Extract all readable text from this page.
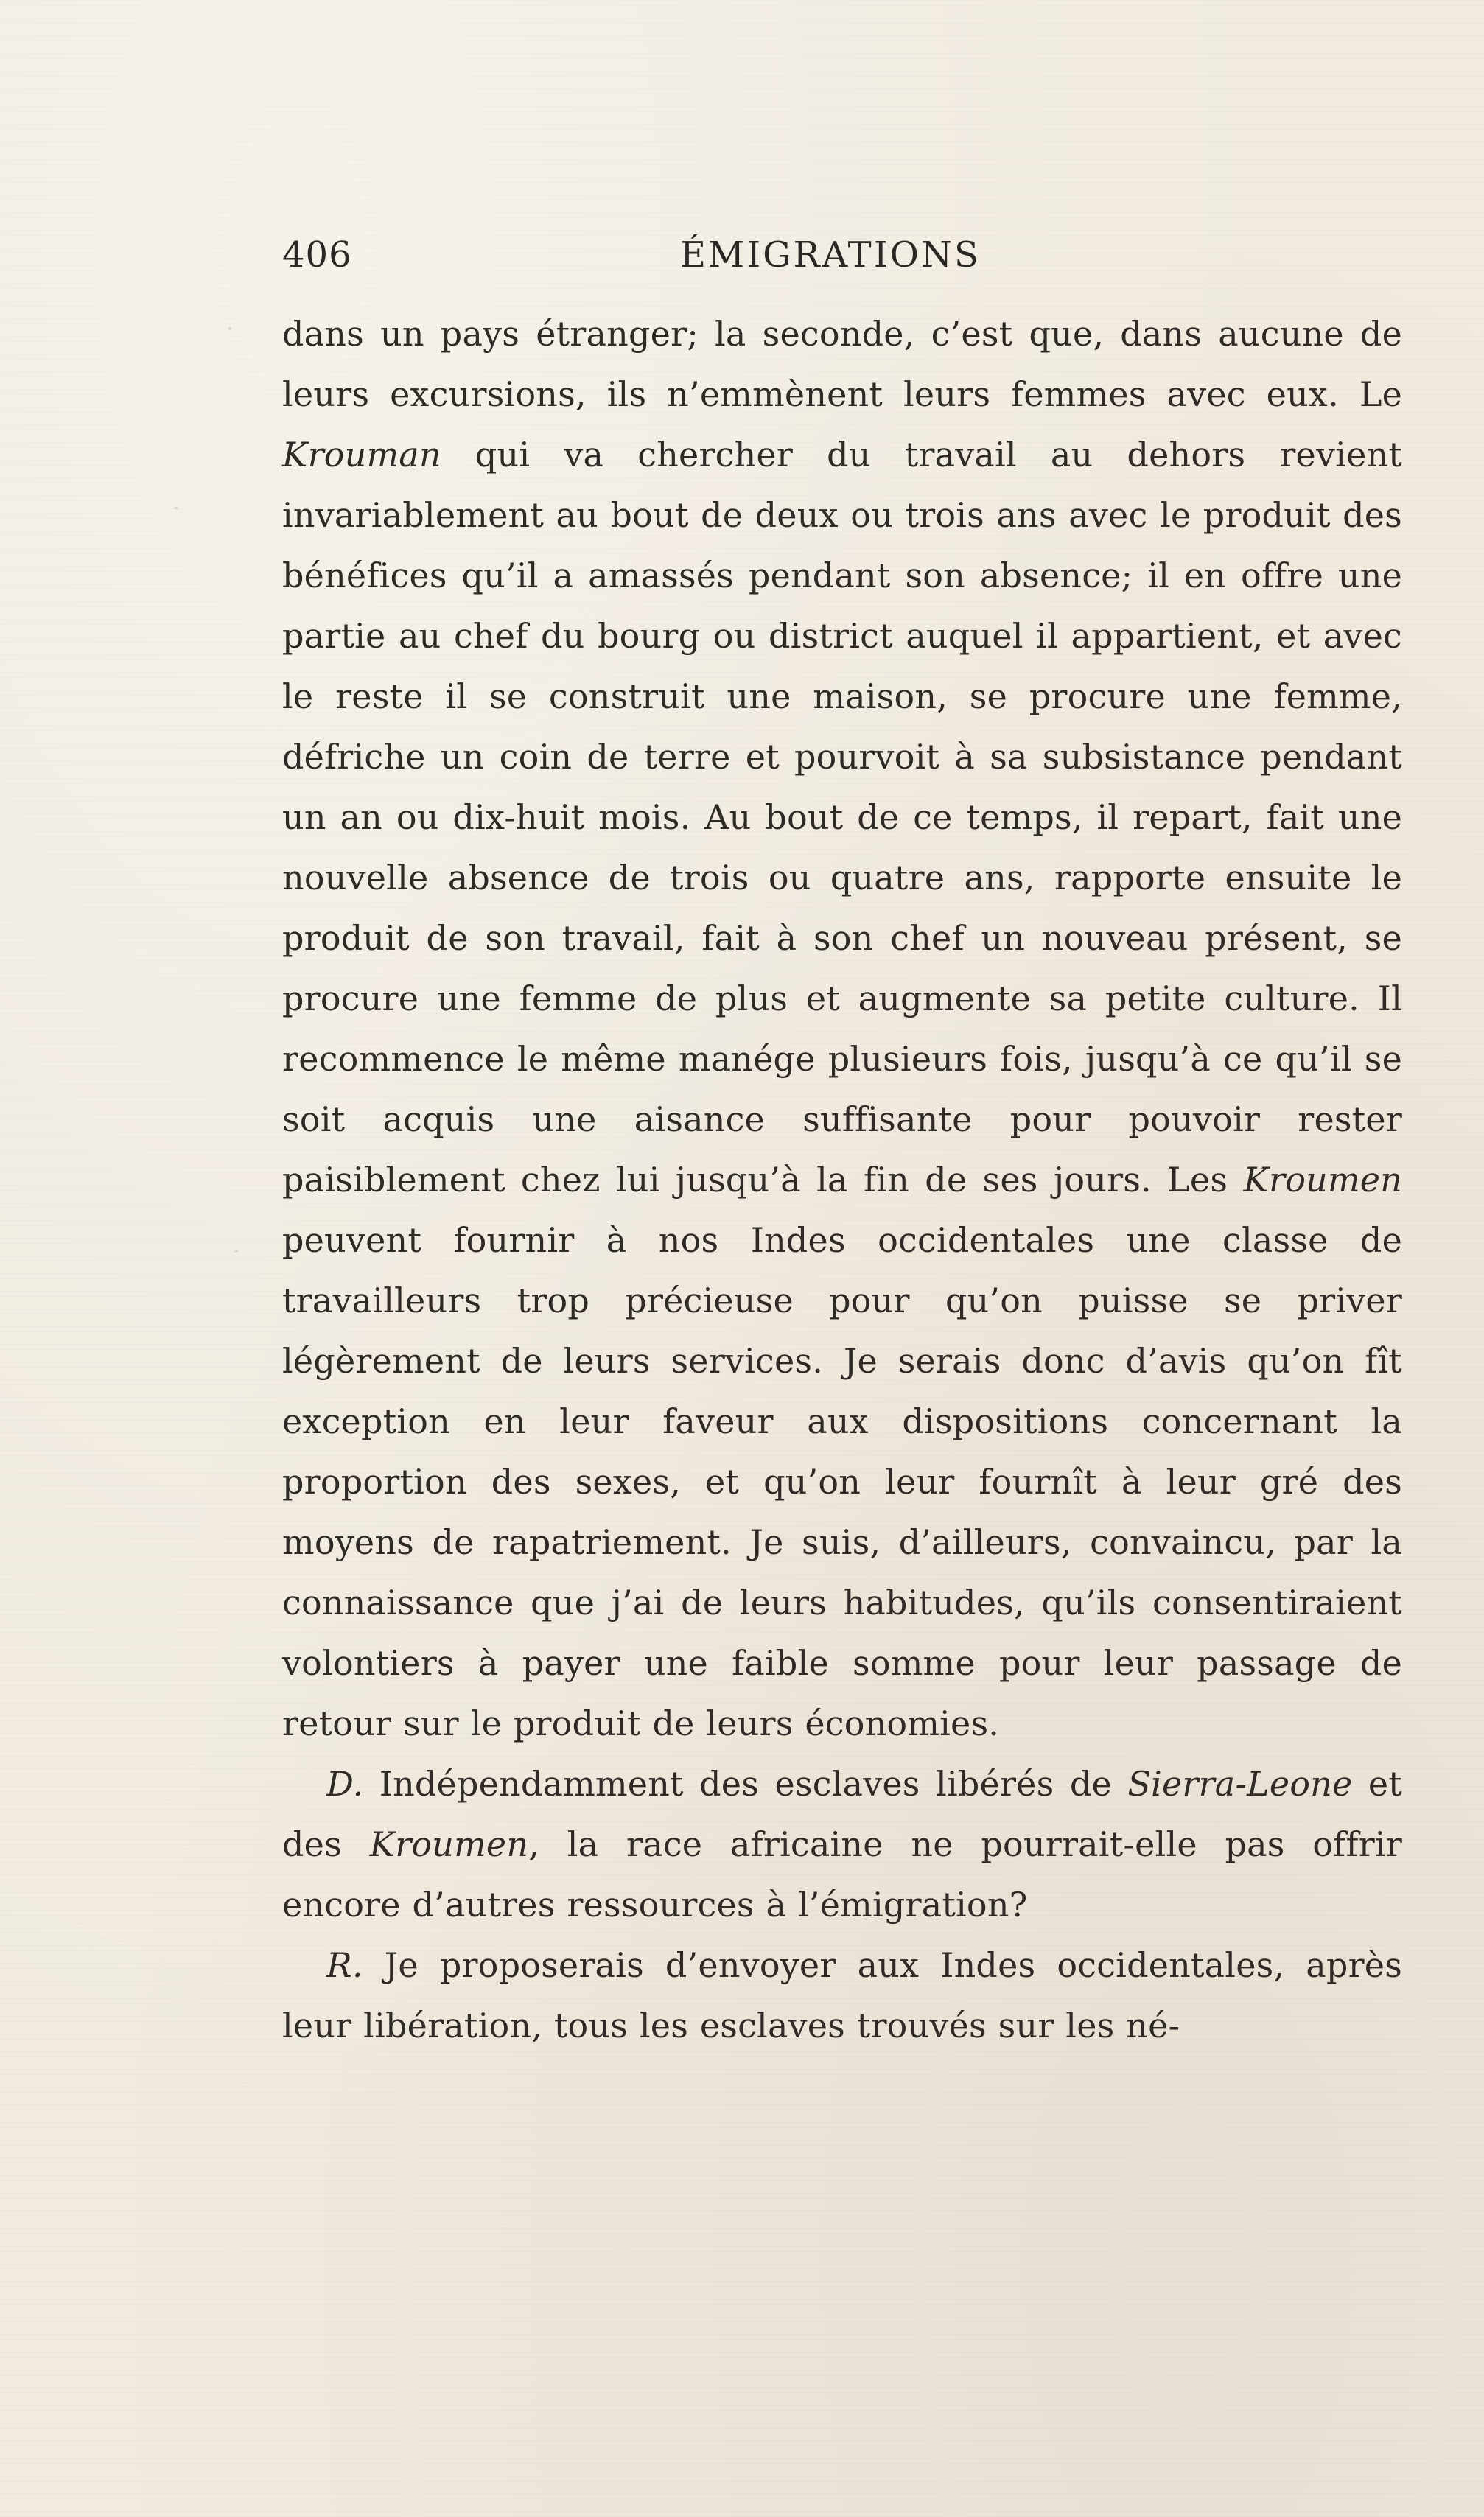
406	ÉMIGRATIONS

dans un pays étranger; la seconde, c’est que, dans aucune de leurs excursions, ils n’emmènent leurs femmes avec eux. Le Krouman qui va chercher du travail au dehors revient invariablement au bout de deux ou trois ans avec le produit des bénéfices qu’il a amassés pendant son absence; il en offre une partie au chef du bourg ou district auquel il appartient, et avec le reste il se construit une maison, se procure une femme, défriche un coin de terre et pourvoit à sa subsistance pendant un an ou dix-huit mois. Au bout de ce temps, il repart, fait une nouvelle absence de trois ou quatre ans, rapporte ensuite le produit de son travail, fait à son chef un nouveau présent, se procure une femme de plus et augmente sa petite culture. Il recommence le même manége plusieurs fois, jusqu’à ce qu’il se soit acquis une aisance suffisante pour pouvoir rester paisiblement chez lui jusqu’à la fin de ses jours. Les Kroumen peuvent fournir à nos Indes occidentales une classe de travailleurs trop précieuse pour qu’on puisse se priver légèrement de leurs services. Je serais donc d’avis qu’on fît exception en leur faveur aux dispositions concernant la proportion des sexes, et qu’on leur fournît à leur gré des moyens de rapatriement. Je suis, d’ailleurs, convaincu, par la connaissance que j’ai de leurs habitudes, qu’ils consentiraient volontiers à payer une faible somme pour leur passage de retour sur le produit de leurs économies.

D. Indépendamment des esclaves libérés de Sierra-Leone et des Kroumen, la race africaine ne pourrait-elle pas offrir encore d’autres ressources à l’émigration?

R. Je proposerais d’envoyer aux Indes occidentales, après leur libération, tous les esclaves trouvés sur les né-
